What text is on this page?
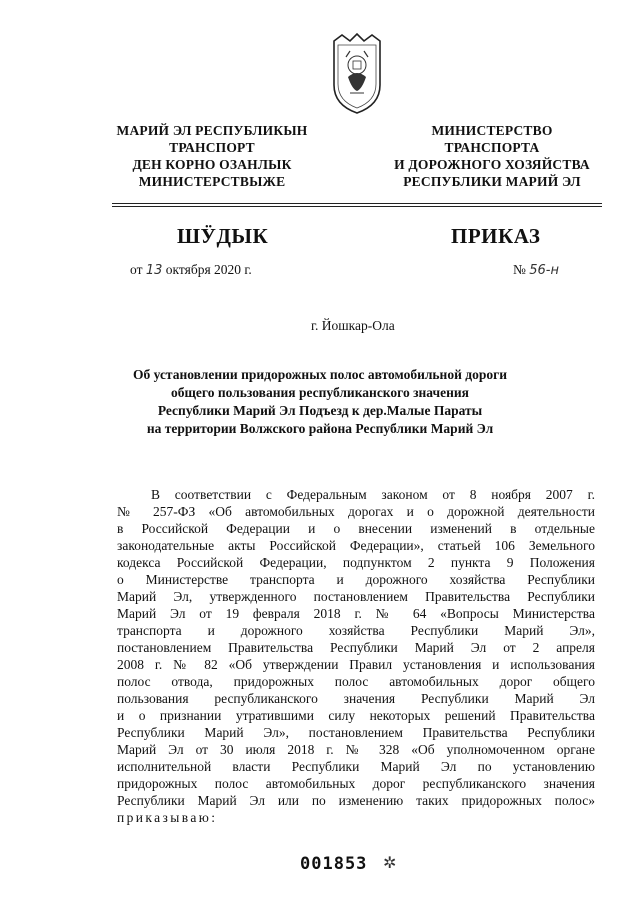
МАРИЙ ЭЛ РЕСПУБЛИКЫН
ТРАНСПОРТ
ДЕН КОРНО ОЗАНЛЫК
МИНИСТЕРСТВЫЖЕ
МИНИСТЕРСТВО
ТРАНСПОРТА
И ДОРОЖНОГО ХОЗЯЙСТВА
РЕСПУБЛИКИ МАРИЙ ЭЛ
ШӰДЫК	ПРИКАЗ
от 13 октября 2020 г.	№ 56-н
г. Йошкар-Ола
Об установлении придорожных полос автомобильной дороги
общего пользования республиканского значения
Республики Марий Эл Подъезд к дер.Малые Параты
на территории Волжского района Республики Марий Эл
В соответствии с Федеральным законом от 8 ноября 2007 г.
№ 257-ФЗ «Об автомобильных дорогах и о дорожной деятельности
в Российской Федерации и о внесении изменений в отдельные
законодательные акты Российской Федерации», статьей 106 Земельного
кодекса Российской Федерации, подпунктом 2 пункта 9 Положения
о Министерстве транспорта и дорожного хозяйства Республики
Марий Эл, утвержденного постановлением Правительства Республики
Марий Эл от 19 февраля 2018 г. № 64 «Вопросы Министерства
транспорта и дорожного хозяйства Республики Марий Эл»,
постановлением Правительства Республики Марий Эл от 2 апреля
2008 г. № 82 «Об утверждении Правил установления и использования
полос отвода, придорожных полос автомобильных дорог общего
пользования республиканского значения Республики Марий Эл
и о признании утратившими силу некоторых решений Правительства
Республики Марий Эл», постановлением Правительства Республики
Марий Эл от 30 июля 2018 г. № 328 «Об уполномоченном органе
исполнительной власти Республики Марий Эл по установлению
придорожных полос автомобильных дорог республиканского значения
Республики Марий Эл или по изменению таких придорожных полос»
приказываю:
001853 ✲
